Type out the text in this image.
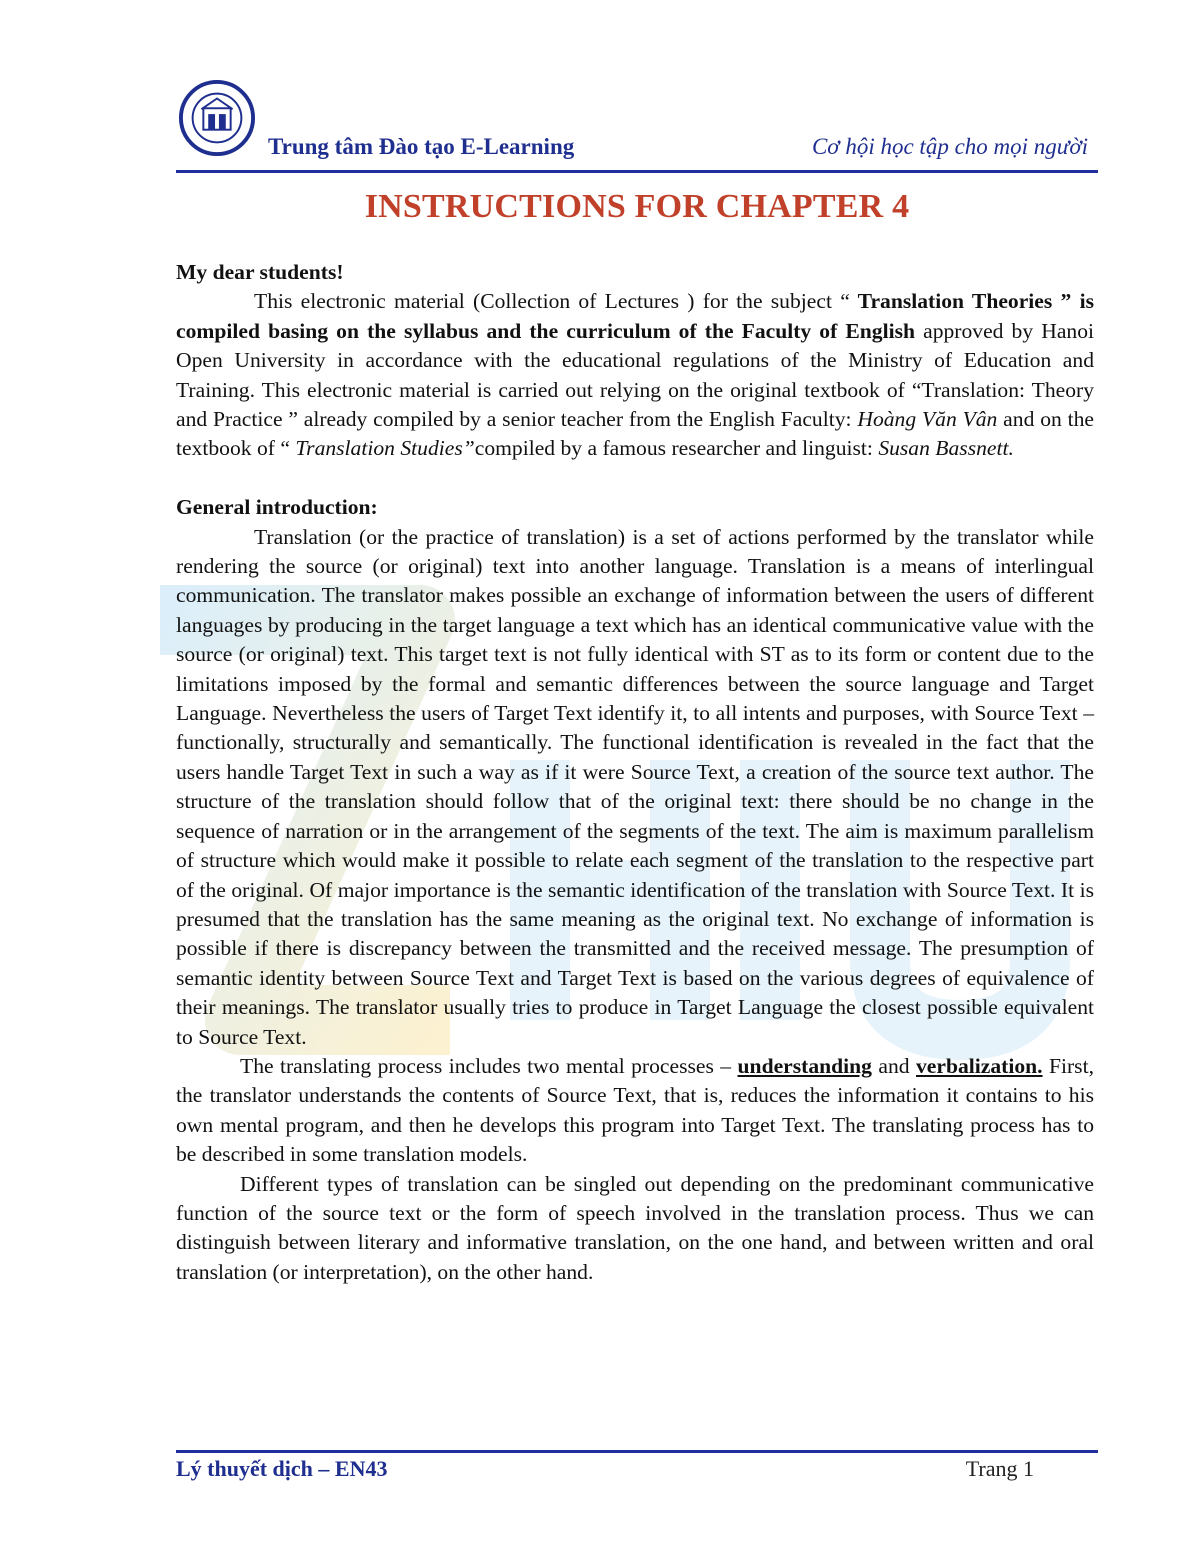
Trung tâm Đào tạo E-Learning	Cơ hội học tập cho mọi người
INSTRUCTIONS FOR CHAPTER 4

My dear students!

This electronic material (Collection of Lectures ) for the subject “ Translation Theories ” is compiled basing on the syllabus and the curriculum of the Faculty of English approved by Hanoi Open University in accordance with the educational regulations of the Ministry of Education and Training. This electronic material is carried out relying on the original textbook of “Translation: Theory and Practice ” already compiled by a senior teacher from the English Faculty: Hoàng Văn Vân and on the textbook of “ Translation Studies”compiled by a famous researcher and linguist: Susan Bassnett.

General introduction:

Translation (or the practice of translation) is a set of actions performed by the translator while rendering the source (or original) text into another language. Translation is a means of interlingual communication. The translator makes possible an exchange of information between the users of different languages by producing in the target language a text which has an identical communicative value with the source (or original) text. This target text is not fully identical with ST as to its form or content due to the limitations imposed by the formal and semantic differences between the source language and Target Language. Nevertheless the users of Target Text identify it, to all intents and purposes, with Source Text – functionally, structurally and semantically. The functional identification is revealed in the fact that the users handle Target Text in such a way as if it were Source Text, a creation of the source text author. The structure of the translation should follow that of the original text: there should be no change in the sequence of narration or in the arrangement of the segments of the text. The aim is maximum parallelism of structure which would make it possible to relate each segment of the translation to the respective part of the original. Of major importance is the semantic identification of the translation with Source Text. It is presumed that the translation has the same meaning as the original text. No exchange of information is possible if there is discrepancy between the transmitted and the received message. The presumption of semantic identity between Source Text and Target Text is based on the various degrees of equivalence of their meanings. The translator usually tries to produce in Target Language the closest possible equivalent to Source Text.

The translating process includes two mental processes – understanding and verbalization. First, the translator understands the contents of Source Text, that is, reduces the information it contains to his own mental program, and then he develops this program into Target Text. The translating process has to be described in some translation models.

Different types of translation can be singled out depending on the predominant communicative function of the source text or the form of speech involved in the translation process. Thus we can distinguish between literary and informative translation, on the one hand, and between written and oral translation (or interpretation), on the other hand.

Lý thuyết dịch – EN43	Trang 1
